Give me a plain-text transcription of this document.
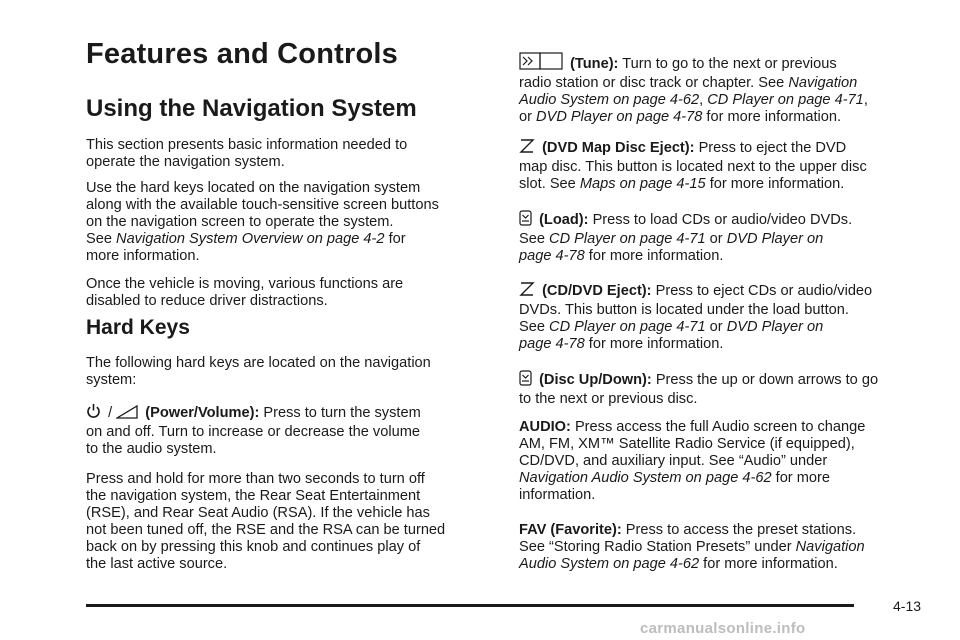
Features and Controls
Using the Navigation System
This section presents basic information needed to
operate the navigation system.
Use the hard keys located on the navigation system
along with the available touch-sensitive screen buttons
on the navigation screen to operate the system.
See Navigation System Overview on page 4-2 for
more information.
Once the vehicle is moving, various functions are
disabled to reduce driver distractions.
Hard Keys
The following hard keys are located on the navigation
system:
/ (Power/Volume): Press to turn the system
on and off. Turn to increase or decrease the volume
to the audio system.
Press and hold for more than two seconds to turn off
the navigation system, the Rear Seat Entertainment
(RSE), and Rear Seat Audio (RSA). If the vehicle has
not been tuned off, the RSE and the RSA can be turned
back on by pressing this knob and continues play of
the last active source.
(Tune): Turn to go to the next or previous
radio station or disc track or chapter. See Navigation
Audio System on page 4-62, CD Player on page 4-71,
or DVD Player on page 4-78 for more information.
(DVD Map Disc Eject): Press to eject the DVD
map disc. This button is located next to the upper disc
slot. See Maps on page 4-15 for more information.
(Load): Press to load CDs or audio/video DVDs.
See CD Player on page 4-71 or DVD Player on
page 4-78 for more information.
(CD/DVD Eject): Press to eject CDs or audio/video
DVDs. This button is located under the load button.
See CD Player on page 4-71 or DVD Player on
page 4-78 for more information.
(Disc Up/Down): Press the up or down arrows to go
to the next or previous disc.
AUDIO: Press access the full Audio screen to change
AM, FM, XM™ Satellite Radio Service (if equipped),
CD/DVD, and auxiliary input. See “Audio” under
Navigation Audio System on page 4-62 for more
information.
FAV (Favorite): Press to access the preset stations.
See “Storing Radio Station Presets” under Navigation
Audio System on page 4-62 for more information.
4-13
carmanualsonline.info
